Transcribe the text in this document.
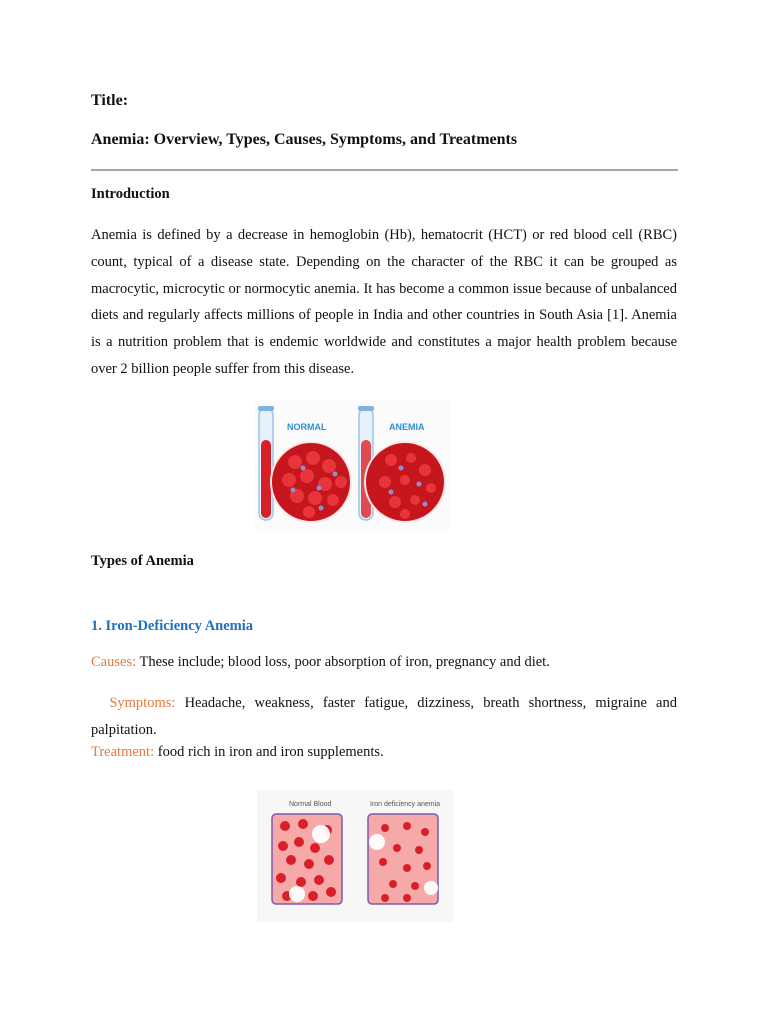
Title:
Anemia: Overview, Types, Causes, Symptoms, and Treatments
Introduction
Anemia is defined by a decrease in hemoglobin (Hb), hematocrit (HCT) or red blood cell (RBC) count, typical of a disease state. Depending on the character of the RBC it can be grouped as macrocytic, microcytic or normocytic anemia. It has become a common issue because of unbalanced diets and regularly affects millions of people in India and other countries in South Asia [1]. Anemia is a nutrition problem that is endemic worldwide and constitutes a major health problem because over 2 billion people suffer from this disease.
NORMAL	ANEMIA
Types of Anemia
1. Iron-Deficiency Anemia
Causes: These include; blood loss, poor absorption of iron, pregnancy and diet.
Symptoms: Headache, weakness, faster fatigue, dizziness, breath shortness, migraine and palpitation.
Treatment: food rich in iron and iron supplements.
Normal Blood	Iron deficiency anemia
